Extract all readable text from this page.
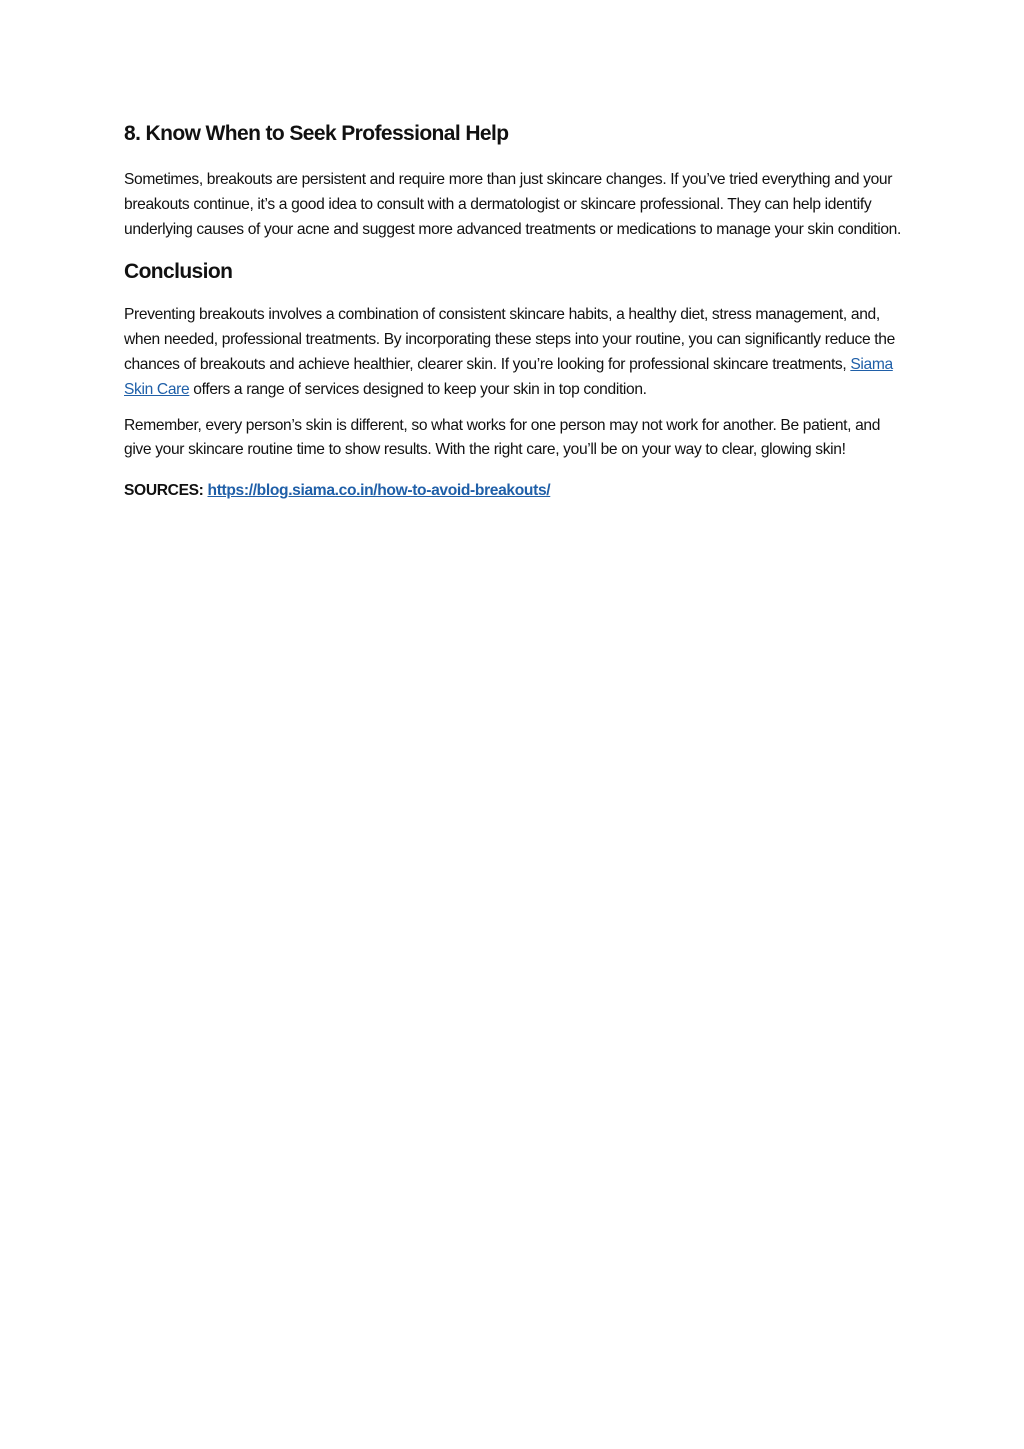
8. Know When to Seek Professional Help

Sometimes, breakouts are persistent and require more than just skincare changes. If you’ve tried everything and your breakouts continue, it’s a good idea to consult with a dermatologist or skincare professional. They can help identify underlying causes of your acne and suggest more advanced treatments or medications to manage your skin condition.

Conclusion

Preventing breakouts involves a combination of consistent skincare habits, a healthy diet, stress management, and, when needed, professional treatments. By incorporating these steps into your routine, you can significantly reduce the chances of breakouts and achieve healthier, clearer skin. If you’re looking for professional skincare treatments, Siama Skin Care offers a range of services designed to keep your skin in top condition.

Remember, every person’s skin is different, so what works for one person may not work for another. Be patient, and give your skincare routine time to show results. With the right care, you’ll be on your way to clear, glowing skin!

SOURCES: https://blog.siama.co.in/how-to-avoid-breakouts/
